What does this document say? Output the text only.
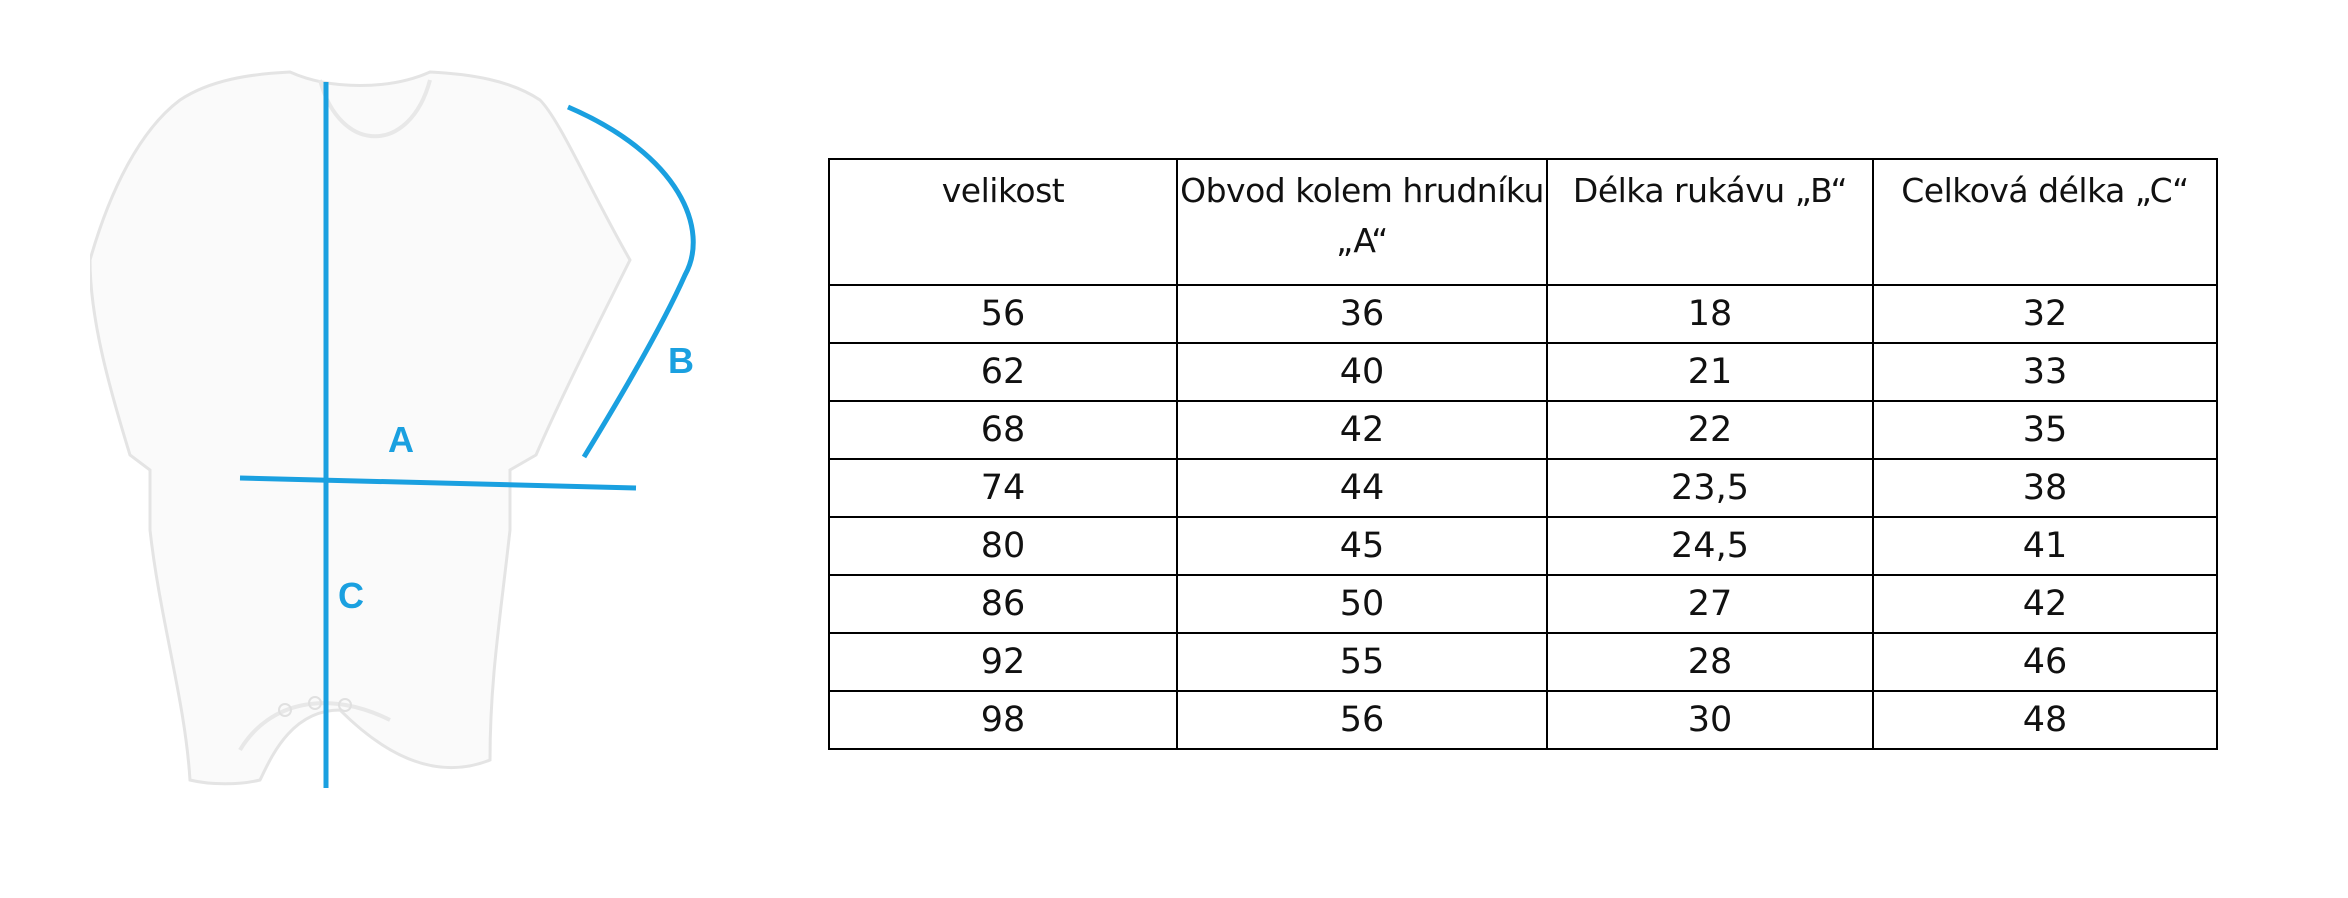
A
B
C
velikost	Obvod kolem hrudníku „A“	Délka rukávu „B“	Celková délka „C“
56	36	18	32
62	40	21	33
68	42	22	35
74	44	23,5	38
80	45	24,5	41
86	50	27	42
92	55	28	46
98	56	30	48
